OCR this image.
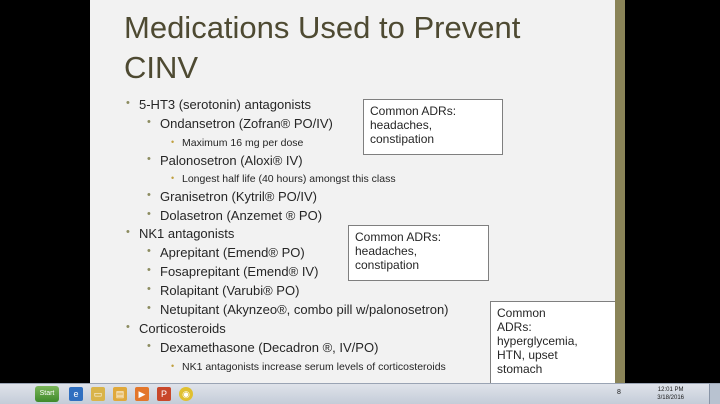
Medications Used to Prevent CINV
• 5-HT3 (serotonin) antagonists
• Ondansetron (Zofran® PO/IV)
• Maximum 16 mg per dose
• Palonosetron (Aloxi® IV)
• Longest half life (40 hours) amongst this class
• Granisetron (Kytril® PO/IV)
• Dolasetron (Anzemet ® PO)
• NK1 antagonists
• Aprepitant (Emend® PO)
• Fosaprepitant (Emend® IV)
• Rolapitant (Varubi® PO)
• Netupitant (Akynzeo®, combo pill w/palonosetron)
• Corticosteroids
• Dexamethasone (Decadron ®, IV/PO)
• NK1 antagonists increase serum levels of corticosteroids
Common ADRs:
headaches,
constipation
Common ADRs:
headaches,
constipation
Common
ADRs:
hyperglycemia,
HTN, upset
stomach
Start	e	▭	▤	▶	P	◉	8	12:01 PM
3/18/2016
